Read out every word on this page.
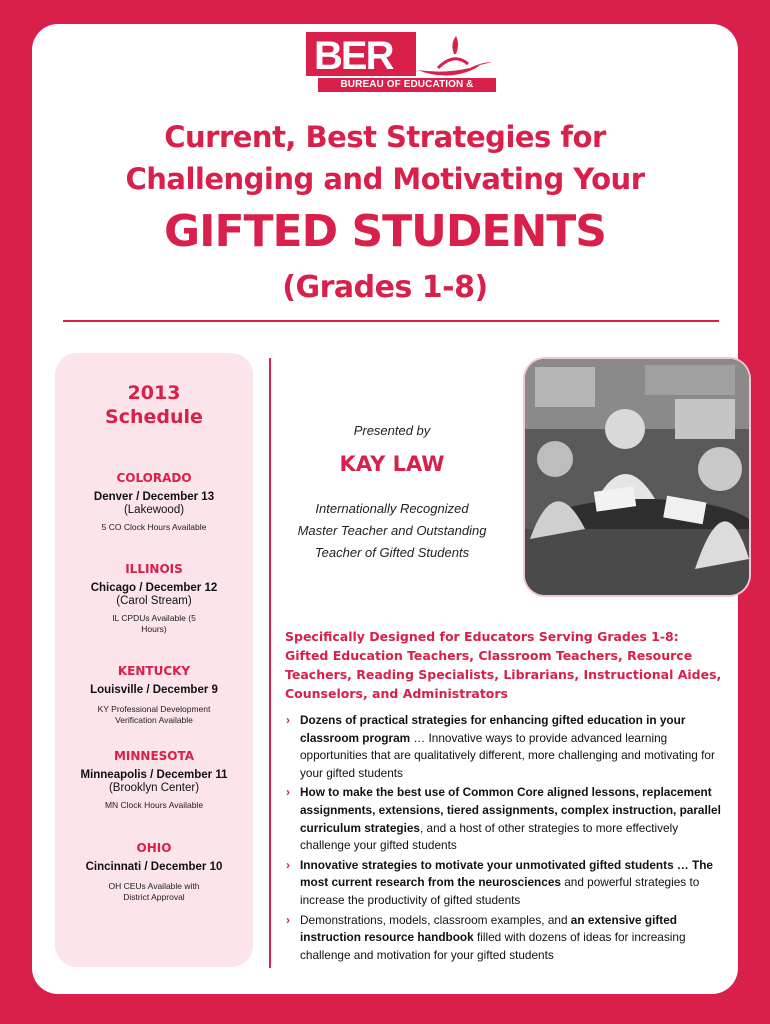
BER
BUREAU OF EDUCATION & RESEARCH
Current, Best Strategies for
Challenging and Motivating Your
GIFTED STUDENTS
(Grades 1-8)
2013
Schedule
COLORADO
Denver / December 13
(Lakewood)
5 CO Clock Hours Available
ILLINOIS
Chicago / December 12
(Carol Stream)
IL CPDUs Available (5 Hours)
KENTUCKY
Louisville / December 9
KY Professional Development Verification Available
MINNESOTA
Minneapolis / December 11
(Brooklyn Center)
MN Clock Hours Available
OHIO
Cincinnati / December 10
OH CEUs Available with District Approval
Presented by
KAY LAW
Internationally Recognized
Master Teacher and Outstanding
Teacher of Gifted Students
Specifically Designed for Educators Serving Grades 1-8: Gifted Education Teachers, Classroom Teachers, Resource Teachers, Reading Specialists, Librarians, Instructional Aides, Counselors, and Administrators
› Dozens of practical strategies for enhancing gifted education in your classroom program … Innovative ways to provide advanced learning opportunities that are qualitatively different, more challenging and motivating for your gifted students
› How to make the best use of Common Core aligned lessons, replacement assignments, extensions, tiered assignments, complex instruction, parallel curriculum strategies, and a host of other strategies to more effectively challenge your gifted students
› Innovative strategies to motivate your unmotivated gifted students … The most current research from the neurosciences and powerful strategies to increase the productivity of gifted students
› Demonstrations, models, classroom examples, and an extensive gifted instruction resource handbook filled with dozens of ideas for increasing challenge and motivation for your gifted students
